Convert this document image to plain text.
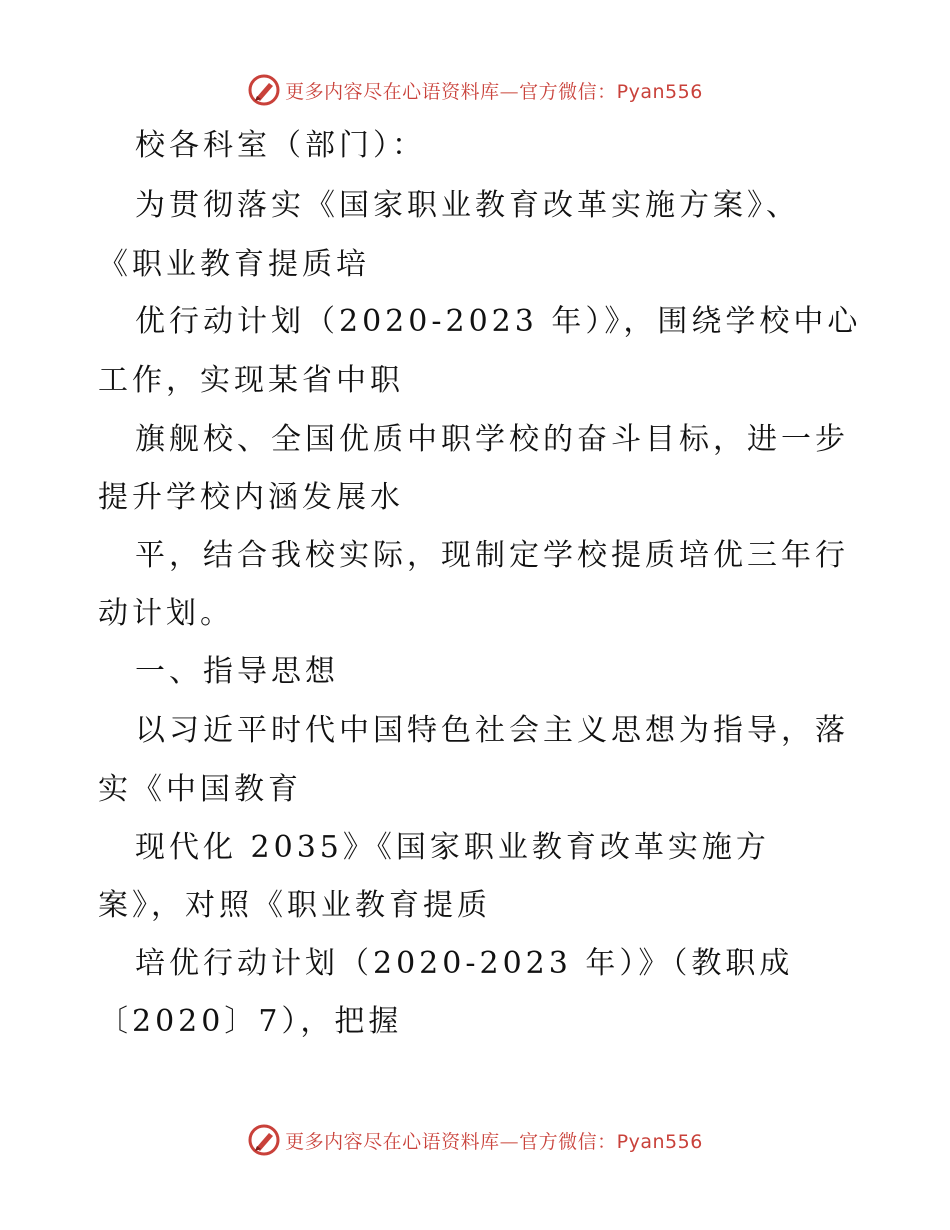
更多内容尽在心语资料库—官方微信：Pyan556
校各科室（部门）：
为贯彻落实《国家职业教育改革实施方案》、
《职业教育提质培
优行动计划（2020-2023 年）》，围绕学校中心
工作，实现某省中职
旗舰校、全国优质中职学校的奋斗目标，进一步
提升学校内涵发展水
平，结合我校实际，现制定学校提质培优三年行
动计划。
一、指导思想
以习近平时代中国特色社会主义思想为指导，落
实《中国教育
现代化 2035》《国家职业教育改革实施方
案》，对照《职业教育提质
培优行动计划（2020-2023 年）》（教职成
〔2020〕7），把握
更多内容尽在心语资料库—官方微信：Pyan556
